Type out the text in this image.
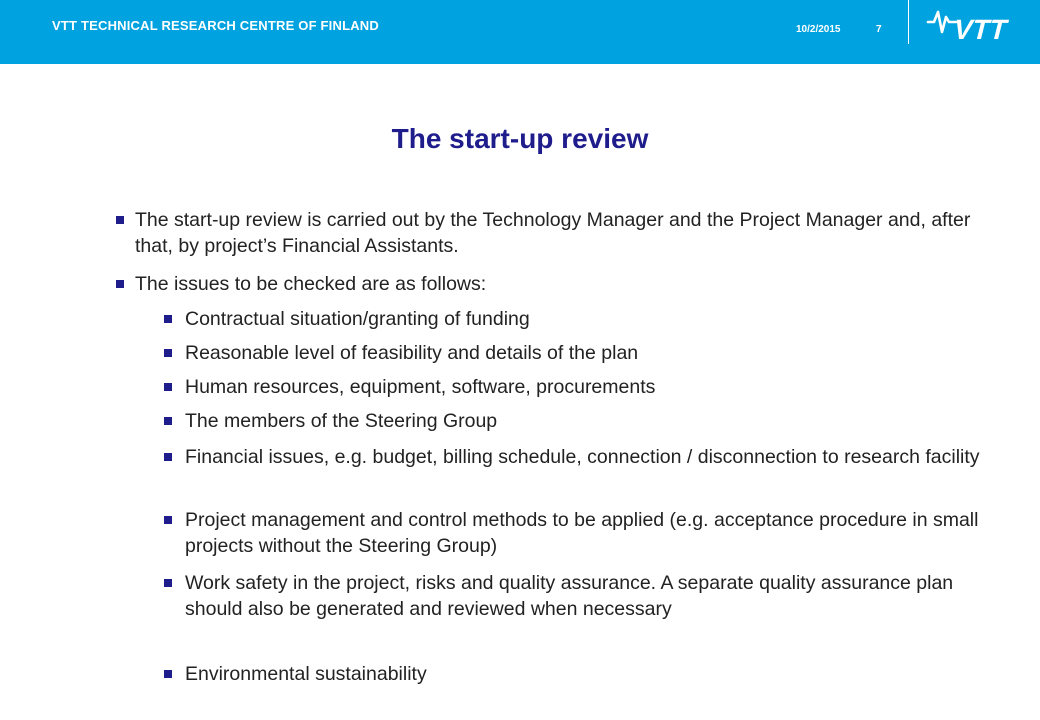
VTT TECHNICAL RESEARCH CENTRE OF FINLAND	10/2/2015	7 VTT
The start-up review
The start-up review is carried out by the Technology Manager and the Project Manager and, after that, by project’s Financial Assistants.
The issues to be checked are as follows:
Contractual situation/granting of funding
Reasonable level of feasibility and details of the plan
Human resources, equipment, software, procurements
The members of the Steering Group
Financial issues, e.g. budget, billing schedule, connection / disconnection to research facility
Project management and control methods to be applied (e.g. acceptance procedure in small projects without the Steering Group)
Work safety in the project, risks and quality assurance. A separate quality assurance plan should also be generated and reviewed when necessary
Environmental sustainability
